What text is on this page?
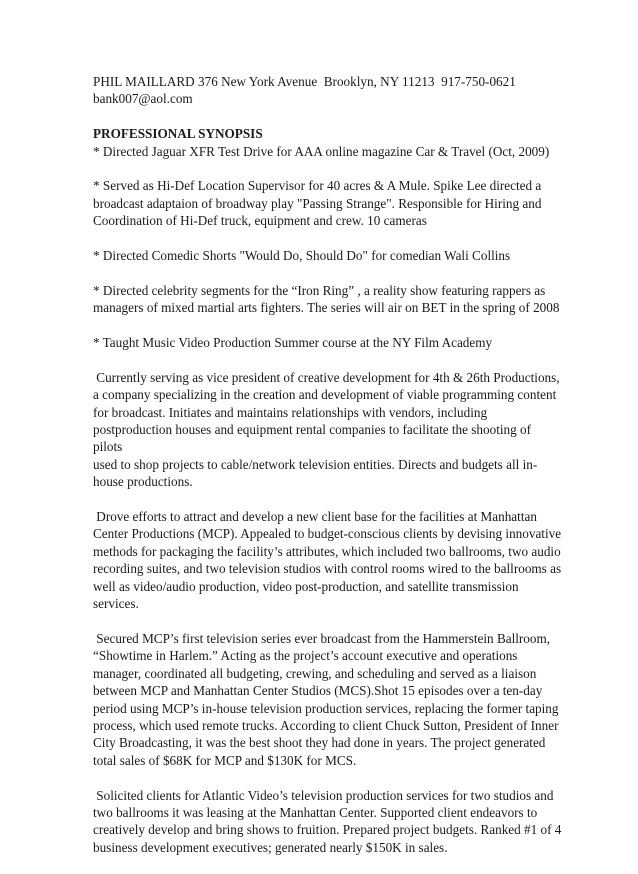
PHIL MAILLARD 376 New York Avenue  Brooklyn, NY 11213  917-750-0621
bank007@aol.com
PROFESSIONAL SYNOPSIS
* Directed Jaguar XFR Test Drive for AAA online magazine Car & Travel (Oct, 2009)
* Served as Hi-Def Location Supervisor for 40 acres & A Mule. Spike Lee directed a
broadcast adaptaion of broadway play "Passing Strange". Responsible for Hiring and
Coordination of Hi-Def truck, equipment and crew. 10 cameras
* Directed Comedic Shorts "Would Do, Should Do" for comedian Wali Collins
* Directed celebrity segments for the “Iron Ring” , a reality show featuring rappers as
managers of mixed martial arts fighters. The series will air on BET in the spring of 2008
* Taught Music Video Production Summer course at the NY Film Academy
Currently serving as vice president of creative development for 4th & 26th Productions,
a company specializing in the creation and development of viable programming content
for broadcast. Initiates and maintains relationships with vendors, including
postproduction houses and equipment rental companies to facilitate the shooting of pilots
used to shop projects to cable/network television entities. Directs and budgets all in-
house productions.
Drove efforts to attract and develop a new client base for the facilities at Manhattan
Center Productions (MCP). Appealed to budget-conscious clients by devising innovative
methods for packaging the facility’s attributes, which included two ballrooms, two audio
recording suites, and two television studios with control rooms wired to the ballrooms as
well as video/audio production, video post-production, and satellite transmission services.
Secured MCP’s first television series ever broadcast from the Hammerstein Ballroom,
“Showtime in Harlem.” Acting as the project’s account executive and operations
manager, coordinated all budgeting, crewing, and scheduling and served as a liaison
between MCP and Manhattan Center Studios (MCS).Shot 15 episodes over a ten-day
period using MCP’s in-house television production services, replacing the former taping
process, which used remote trucks. According to client Chuck Sutton, President of Inner
City Broadcasting, it was the best shoot they had done in years. The project generated
total sales of $68K for MCP and $130K for MCS.
Solicited clients for Atlantic Video’s television production services for two studios and
two ballrooms it was leasing at the Manhattan Center. Supported client endeavors to
creatively develop and bring shows to fruition. Prepared project budgets. Ranked #1 of 4
business development executives; generated nearly $150K in sales.
